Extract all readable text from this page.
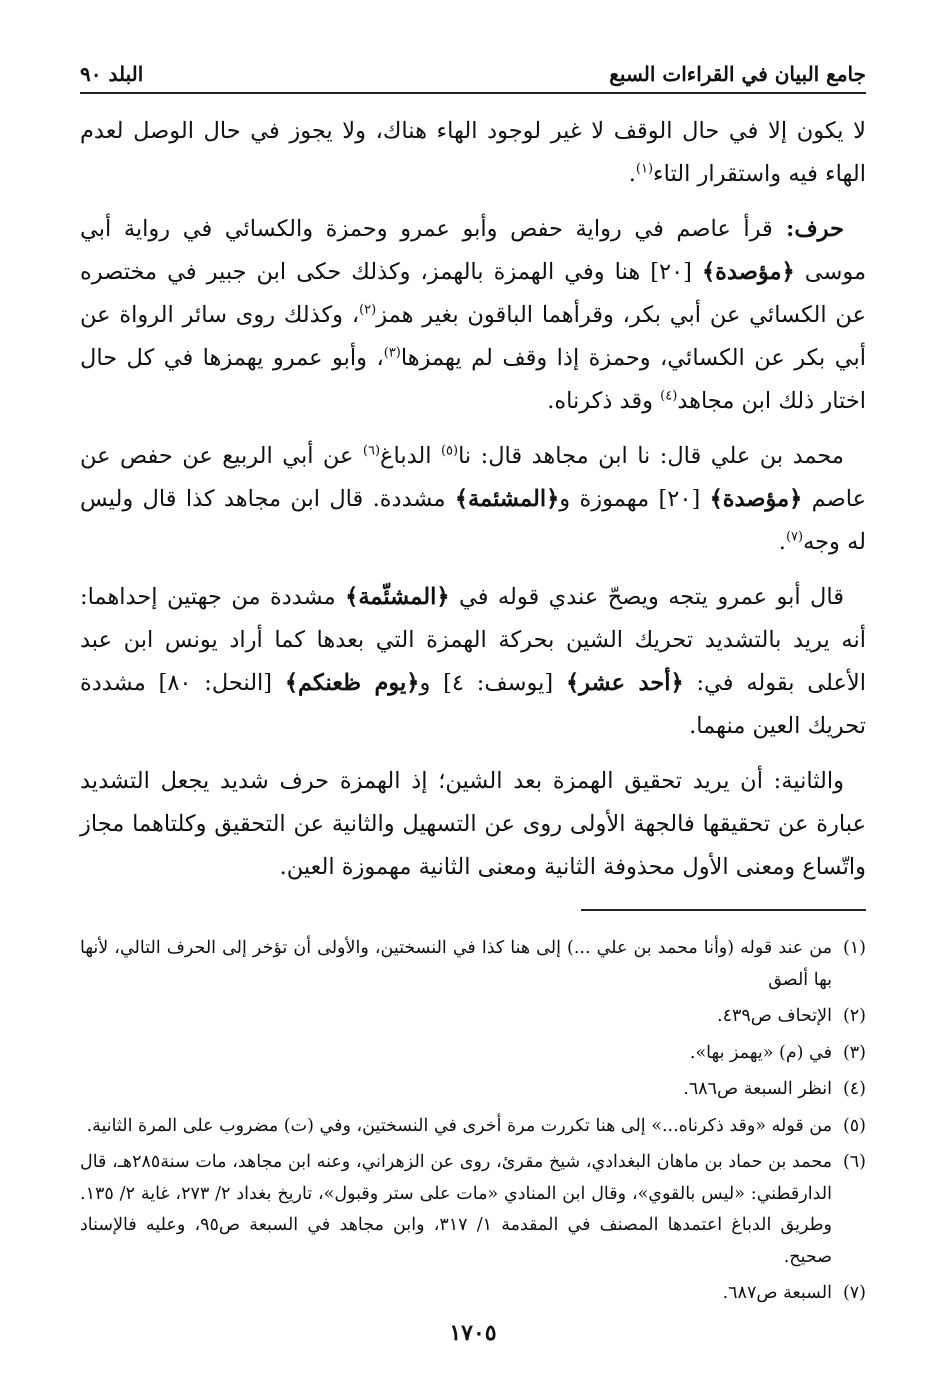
جامع البيان في القراءات السبع
البلد ٩٠

لا يكون إلا في حال الوقف لا غير لوجود الهاء هناك، ولا يجوز في حال الوصل لعدم الهاء فيه واستقرار التاء$^{(١)}$.

حرف: قرأ عاصم في رواية حفص وأبو عمرو وحمزة والكسائي في رواية أبي موسى ﴿مؤصدة﴾ [٢٠] هنا وفي الهمزة بالهمز، وكذلك حكى ابن جبير في مختصره عن الكسائي عن أبي بكر، وقرأهما الباقون بغير همز$^{(٢)}$، وكذلك روى سائر الرواة عن أبي بكر عن الكسائي، وحمزة إذا وقف لم يهمزها$^{(٣)}$، وأبو عمرو يهمزها في كل حال اختار ذلك ابن مجاهد$^{(٤)}$ وقد ذكرناه.

محمد بن علي قال: نا ابن مجاهد قال: نا$^{(٥)}$ الدباغ$^{(٦)}$ عن أبي الربيع عن حفص عن عاصم ﴿مؤصدة﴾ [٢٠] مهموزة و﴿المشئمة﴾ مشددة. قال ابن مجاهد كذا قال وليس له وجه$^{(٧)}$.

قال أبو عمرو يتجه ويصحّ عندي قوله في ﴿المشئّمة﴾ مشددة من جهتين إحداهما: أنه يريد بالتشديد تحريك الشين بحركة الهمزة التي بعدها كما أراد يونس ابن عبد الأعلى بقوله في: ﴿أحد عشر﴾ [يوسف: ٤] و﴿يوم ظعنكم﴾ [النحل: ٨٠] مشددة تحريك العين منهما.

والثانية: أن يريد تحقيق الهمزة بعد الشين؛ إذ الهمزة حرف شديد يجعل التشديد عبارة عن تحقيقها فالجهة الأولى روى عن التسهيل والثانية عن التحقيق وكلتاهما مجاز واتّساع ومعنى الأول محذوفة الثانية ومعنى الثانية مهموزة العين.

(١)
من عند قوله (وأنا محمد بن علي ...) إلى هنا كذا في النسختين، والأولى أن تؤخر إلى الحرف التالي، لأنها بها ألصق
(٢)
الإتحاف ص٤٣٩.
(٣)
في (م) «يهمز بها».
(٤)
انظر السبعة ص٦٨٦.
(٥)
من قوله «وقد ذكرناه...» إلى هنا تكررت مرة أخرى في النسختين، وفي (ت) مضروب على المرة الثانية.
(٦)
محمد بن حماد بن ماهان البغدادي، شيخ مقرئ، روى عن الزهراني، وعنه ابن مجاهد، مات سنة٢٨٥هـ، قال الدارقطني: «ليس بالقوي»، وقال ابن المنادي «مات على ستر وقبول»، تاريخ بغداد ٢/ ٢٧٣، غاية ٢/ ١٣٥. وطريق الدباغ اعتمدها المصنف في المقدمة ١/ ٣١٧، وابن مجاهد في السبعة ص٩٥، وعليه فالإسناد صحيح.
(٧)
السبعة ص٦٨٧.
١٧٠٥
